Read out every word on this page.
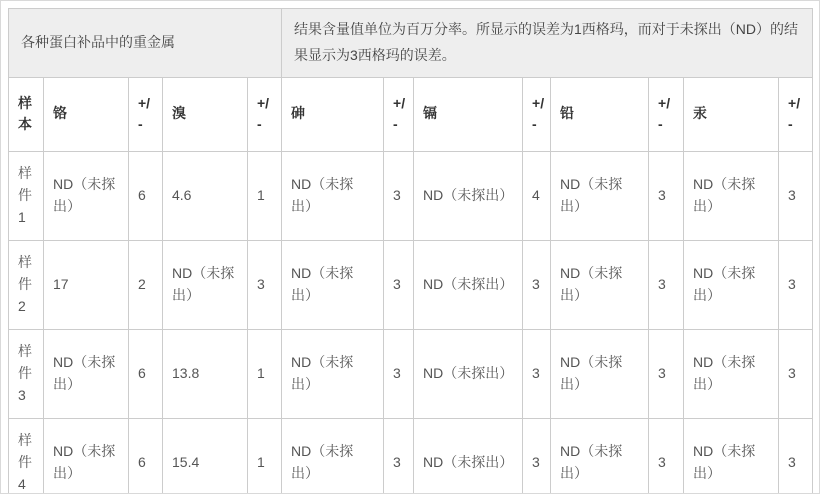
各种蛋白补品中的重金属					结果含量值单位为百万分率。所显示的误差为1西格玛，而对于未探出（ND）的结果显示为3西格玛的误差。							
样本	铬	+/-	溴	+/-	砷	+/-	镉	+/-	铅	+/-	汞	+/-
样件1	ND（未探出）	6	4.6	1	ND（未探出）	3	ND（未探出）	4	ND（未探出）	3	ND（未探出）	3
样件2	17	2	ND（未探出）	3	ND（未探出）	3	ND（未探出）	3	ND（未探出）	3	ND（未探出）	3
样件3	ND（未探出）	6	13.8	1	ND（未探出）	3	ND（未探出）	3	ND（未探出）	3	ND（未探出）	3
样件4	ND（未探出）	6	15.4	1	ND（未探出）	3	ND（未探出）	3	ND（未探出）	3	ND（未探出）	3
